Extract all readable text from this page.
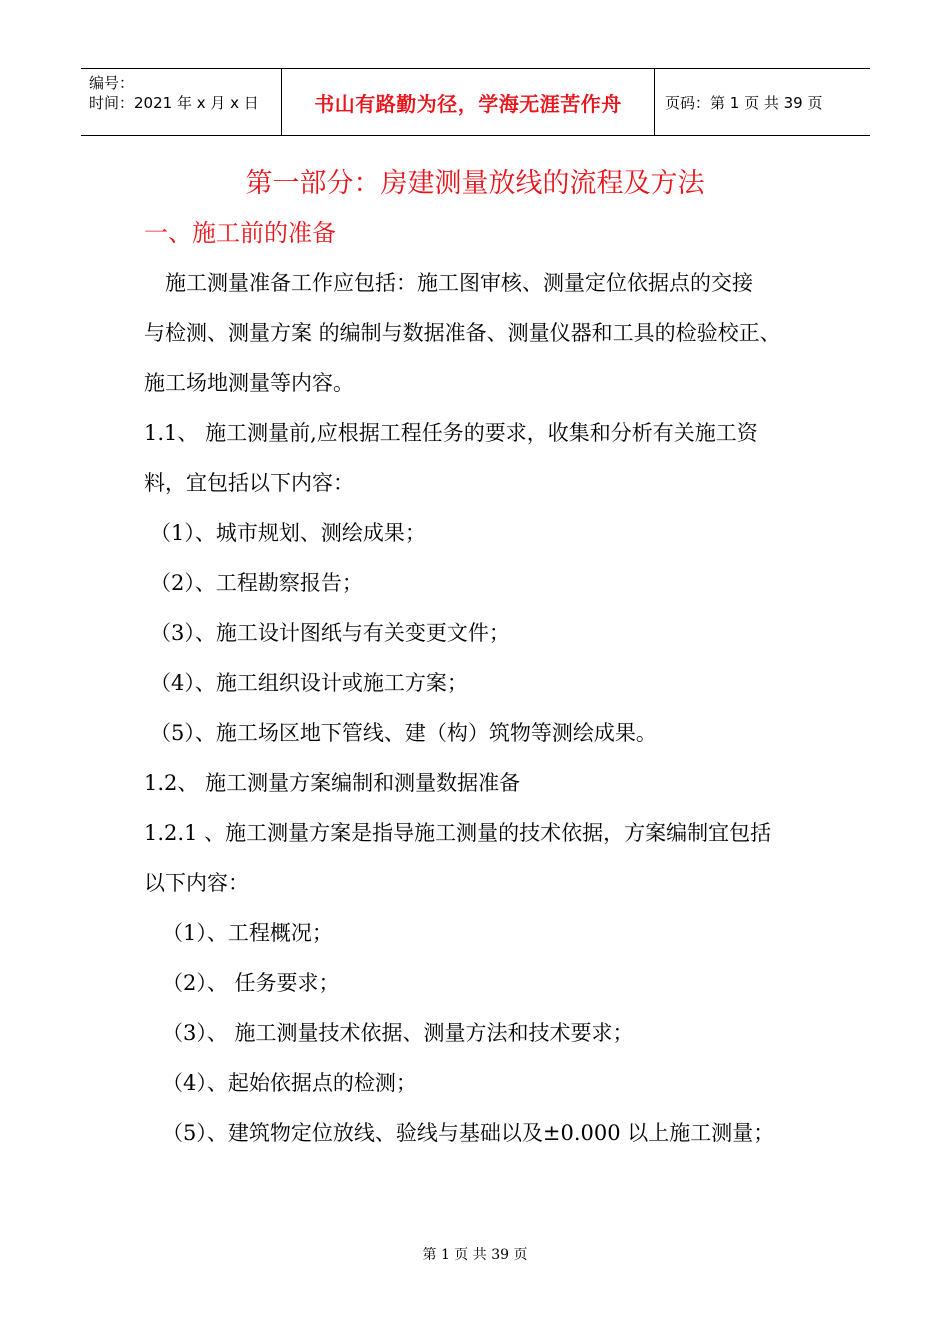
编号：
时间：2021 年 x 月 x 日	书山有路勤为径，学海无涯苦作舟	页码：第 1 页 共 39 页
第一部分：房建测量放线的流程及方法
一、施工前的准备
施工测量准备工作应包括：施工图审核、测量定位依据点的交接
与检测、测量方案 的编制与数据准备、测量仪器和工具的检验校正、
施工场地测量等内容。
1.1、 施工测量前,应根据工程任务的要求，收集和分析有关施工资
料，宜包括以下内容：
（1）、城市规划、测绘成果；
（2）、工程勘察报告；
（3）、施工设计图纸与有关变更文件；
（4）、施工组织设计或施工方案；
（5）、施工场区地下管线、建（构）筑物等测绘成果。
1.2、 施工测量方案编制和测量数据准备
1.2.1 、施工测量方案是指导施工测量的技术依据，方案编制宜包括
以下内容：
（1）、工程概况；
（2）、 任务要求；
（3）、 施工测量技术依据、测量方法和技术要求；
（4）、起始依据点的检测；
（5）、建筑物定位放线、验线与基础以及±0.000 以上施工测量；
第 1 页 共 39 页
